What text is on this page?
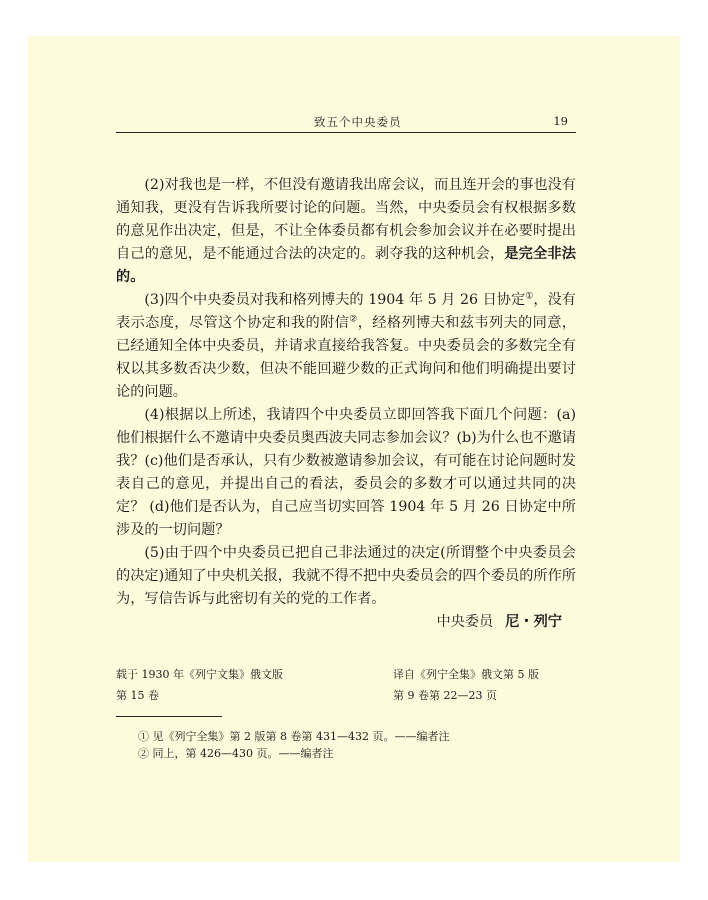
致五个中央委员	19

(2)对我也是一样，不但没有邀请我出席会议，而且连开会的事也没有通知我，更没有告诉我所要讨论的问题。当然，中央委员会有权根据多数的意见作出决定，但是，不让全体委员都有机会参加会议并在必要时提出自己的意见，是不能通过合法的决定的。剥夺我的这种机会，是完全非法的。

(3)四个中央委员对我和格列博夫的 1904 年 5 月 26 日协定①，没有表示态度，尽管这个协定和我的附信②，经格列博夫和兹韦列夫的同意，已经通知全体中央委员，并请求直接给我答复。中央委员会的多数完全有权以其多数否决少数，但决不能回避少数的正式询问和他们明确提出要讨论的问题。

(4)根据以上所述，我请四个中央委员立即回答我下面几个问题：(a)他们根据什么不邀请中央委员奥西波夫同志参加会议？(b)为什么也不邀请我？(c)他们是否承认，只有少数被邀请参加会议，有可能在讨论问题时发表自己的意见，并提出自己的看法，委员会的多数才可以通过共同的决定？ (d)他们是否认为，自己应当切实回答 1904 年 5 月 26 日协定中所涉及的一切问题？

(5)由于四个中央委员已把自己非法通过的决定(所谓整个中央委员会的决定)通知了中央机关报，我就不得不把中央委员会的四个委员的所作所为，写信告诉与此密切有关的党的工作者。

中央委员 尼・列宁
载于 1930 年《列宁文集》俄文版
第 15 卷
译自《列宁全集》俄文第 5 版
第 9 卷第 22—23 页
① 见《列宁全集》第 2 版第 8 卷第 431—432 页。——编者注
② 同上，第 426—430 页。——编者注
